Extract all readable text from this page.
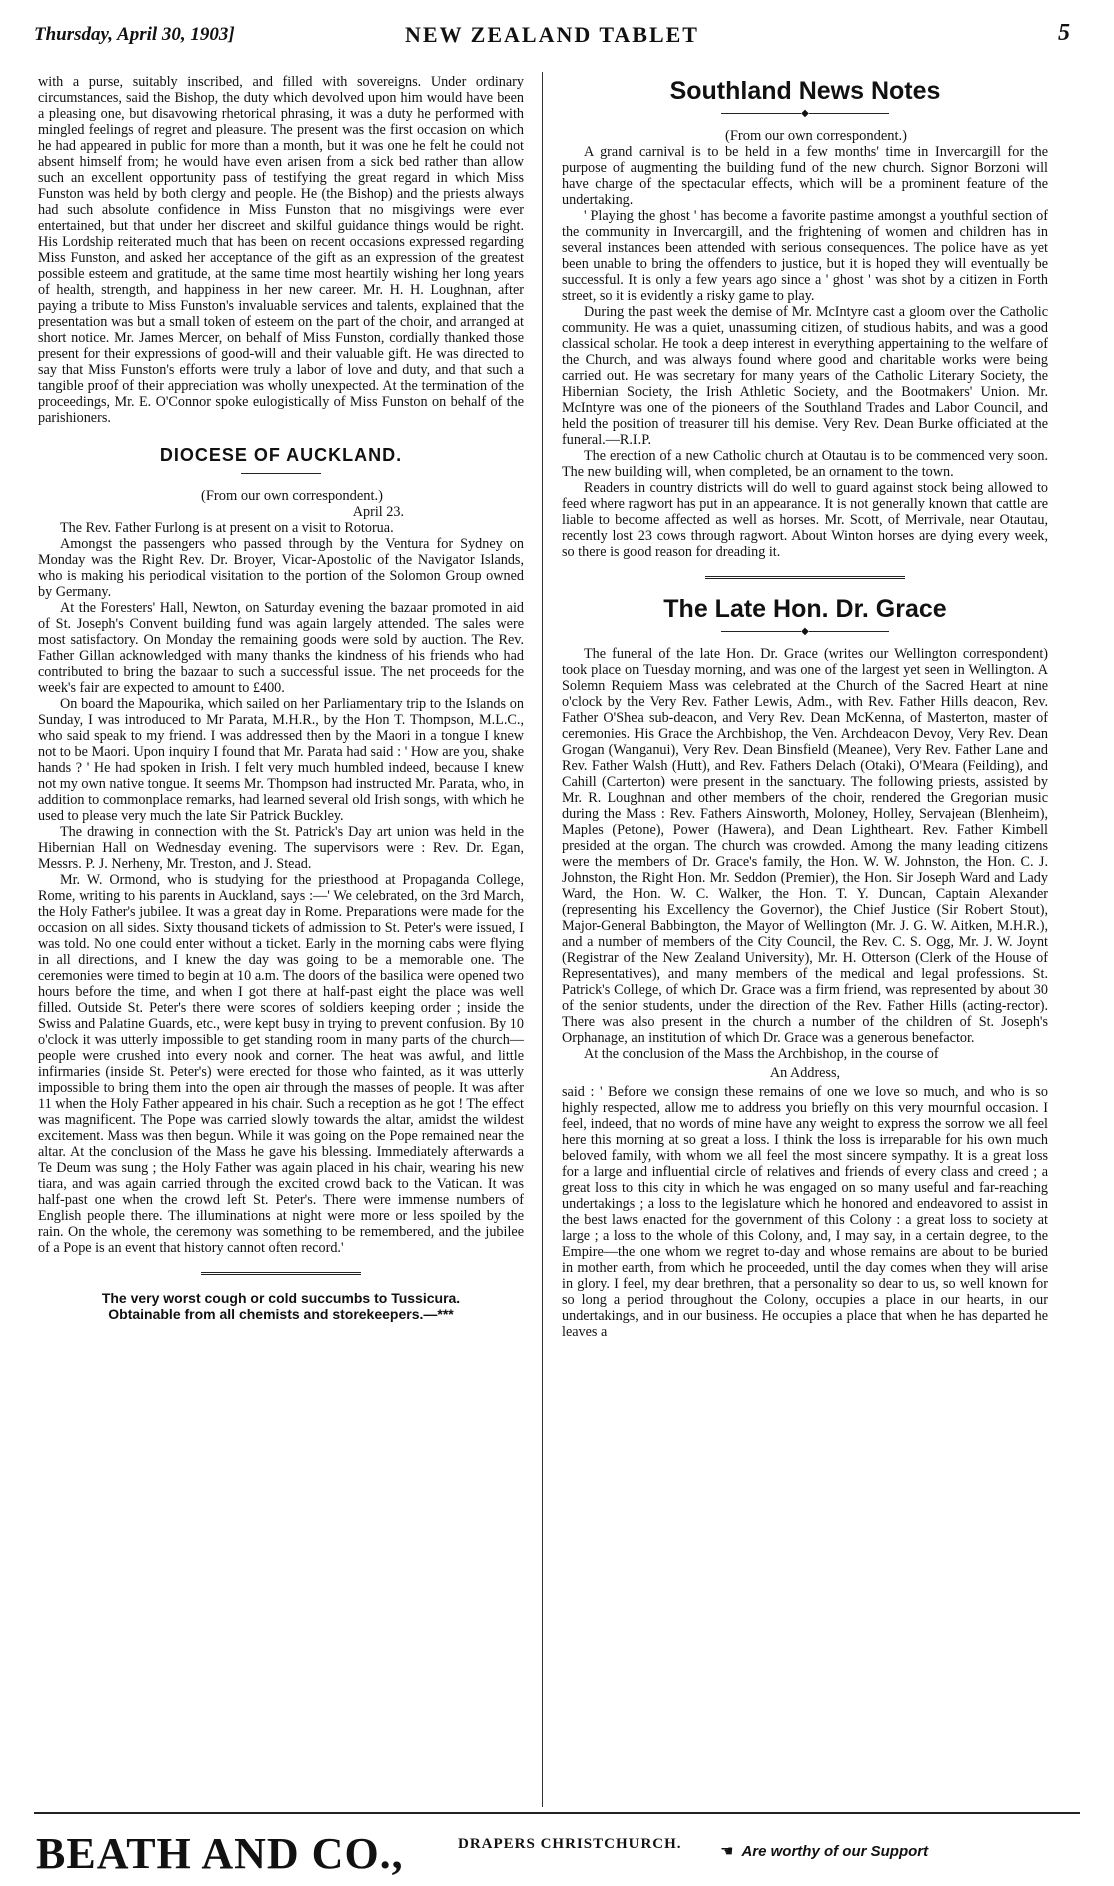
Thursday, April 30, 1903]	NEW ZEALAND TABLET	5

with a purse, suitably inscribed, and filled with sovereigns. Under ordinary circumstances, said the Bishop, the duty which devolved upon him would have been a pleasing one, but disavowing rhetorical phrasing, it was a duty he performed with mingled feelings of regret and pleasure. The present was the first occasion on which he had appeared in public for more than a month, but it was one he felt he could not absent himself from; he would have even arisen from a sick bed rather than allow such an excellent opportunity pass of testifying the great regard in which Miss Funston was held by both clergy and people. He (the Bishop) and the priests always had such absolute confidence in Miss Funston that no misgivings were ever entertained, but that under her discreet and skilful guidance things would be right. His Lordship reiterated much that has been on recent occasions expressed regarding Miss Funston, and asked her acceptance of the gift as an expression of the greatest possible esteem and gratitude, at the same time most heartily wishing her long years of health, strength, and happiness in her new career. Mr. H. H. Loughnan, after paying a tribute to Miss Funston's invaluable services and talents, explained that the presentation was but a small token of esteem on the part of the choir, and arranged at short notice. Mr. James Mercer, on behalf of Miss Funston, cordially thanked those present for their expressions of good-will and their valuable gift. He was directed to say that Miss Funston's efforts were truly a labor of love and duty, and that such a tangible proof of their appreciation was wholly unexpected. At the termination of the proceedings, Mr. E. O'Connor spoke eulogistically of Miss Funston on behalf of the parishioners.

DIOCESE OF AUCKLAND.

(From our own correspondent.)

April 23.

The Rev. Father Furlong is at present on a visit to Rotorua.

Amongst the passengers who passed through by the Ventura for Sydney on Monday was the Right Rev. Dr. Broyer, Vicar-Apostolic of the Navigator Islands, who is making his periodical visitation to the portion of the Solomon Group owned by Germany.

At the Foresters' Hall, Newton, on Saturday evening the bazaar promoted in aid of St. Joseph's Convent building fund was again largely attended. The sales were most satisfactory. On Monday the remaining goods were sold by auction. The Rev. Father Gillan acknowledged with many thanks the kindness of his friends who had contributed to bring the bazaar to such a successful issue. The net proceeds for the week's fair are expected to amount to £400.

On board the Mapourika, which sailed on her Parliamentary trip to the Islands on Sunday, I was introduced to Mr Parata, M.H.R., by the Hon T. Thompson, M.L.C., who said speak to my friend. I was addressed then by the Maori in a tongue I knew not to be Maori. Upon inquiry I found that Mr. Parata had said : ' How are you, shake hands ? ' He had spoken in Irish. I felt very much humbled indeed, because I knew not my own native tongue. It seems Mr. Thompson had instructed Mr. Parata, who, in addition to commonplace remarks, had learned several old Irish songs, with which he used to please very much the late Sir Patrick Buckley.

The drawing in connection with the St. Patrick's Day art union was held in the Hibernian Hall on Wednesday evening. The supervisors were : Rev. Dr. Egan, Messrs. P. J. Nerheny, Mr. Treston, and J. Stead.

Mr. W. Ormond, who is studying for the priesthood at Propaganda College, Rome, writing to his parents in Auckland, says :—' We celebrated, on the 3rd March, the Holy Father's jubilee. It was a great day in Rome. Preparations were made for the occasion on all sides. Sixty thousand tickets of admission to St. Peter's were issued, I was told. No one could enter without a ticket. Early in the morning cabs were flying in all directions, and I knew the day was going to be a memorable one. The ceremonies were timed to begin at 10 a.m. The doors of the basilica were opened two hours before the time, and when I got there at half-past eight the place was well filled. Outside St. Peter's there were scores of soldiers keeping order ; inside the Swiss and Palatine Guards, etc., were kept busy in trying to prevent confusion. By 10 o'clock it was utterly impossible to get standing room in many parts of the church—people were crushed into every nook and corner. The heat was awful, and little infirmaries (inside St. Peter's) were erected for those who fainted, as it was utterly impossible to bring them into the open air through the masses of people. It was after 11 when the Holy Father appeared in his chair. Such a reception as he got ! The effect was magnificent. The Pope was carried slowly towards the altar, amidst the wildest excitement. Mass was then begun. While it was going on the Pope remained near the altar. At the conclusion of the Mass he gave his blessing. Immediately afterwards a Te Deum was sung ; the Holy Father was again placed in his chair, wearing his new tiara, and was again carried through the excited crowd back to the Vatican. It was half-past one when the crowd left St. Peter's. There were immense numbers of English people there. The illuminations at night were more or less spoiled by the rain. On the whole, the ceremony was something to be remembered, and the jubilee of a Pope is an event that history cannot often record.'

The very worst cough or cold succumbs to Tussicura.

Obtainable from all chemists and storekeepers.—***

Southland News Notes
◆

(From our own correspondent.)

A grand carnival is to be held in a few months' time in Invercargill for the purpose of augmenting the building fund of the new church. Signor Borzoni will have charge of the spectacular effects, which will be a prominent feature of the undertaking.

' Playing the ghost ' has become a favorite pastime amongst a youthful section of the community in Invercargill, and the frightening of women and children has in several instances been attended with serious consequences. The police have as yet been unable to bring the offenders to justice, but it is hoped they will eventually be successful. It is only a few years ago since a ' ghost ' was shot by a citizen in Forth street, so it is evidently a risky game to play.

During the past week the demise of Mr. McIntyre cast a gloom over the Catholic community. He was a quiet, unassuming citizen, of studious habits, and was a good classical scholar. He took a deep interest in everything appertaining to the welfare of the Church, and was always found where good and charitable works were being carried out. He was secretary for many years of the Catholic Literary Society, the Hibernian Society, the Irish Athletic Society, and the Bootmakers' Union. Mr. McIntyre was one of the pioneers of the Southland Trades and Labor Council, and held the position of treasurer till his demise. Very Rev. Dean Burke officiated at the funeral.—R.I.P.

The erection of a new Catholic church at Otautau is to be commenced very soon. The new building will, when completed, be an ornament to the town.

Readers in country districts will do well to guard against stock being allowed to feed where ragwort has put in an appearance. It is not generally known that cattle are liable to become affected as well as horses. Mr. Scott, of Merrivale, near Otautau, recently lost 23 cows through ragwort. About Winton horses are dying every week, so there is good reason for dreading it.

The Late Hon. Dr. Grace
◆

The funeral of the late Hon. Dr. Grace (writes our Wellington correspondent) took place on Tuesday morning, and was one of the largest yet seen in Wellington. A Solemn Requiem Mass was celebrated at the Church of the Sacred Heart at nine o'clock by the Very Rev. Father Lewis, Adm., with Rev. Father Hills deacon, Rev. Father O'Shea sub-deacon, and Very Rev. Dean McKenna, of Masterton, master of ceremonies. His Grace the Archbishop, the Ven. Archdeacon Devoy, Very Rev. Dean Grogan (Wanganui), Very Rev. Dean Binsfield (Meanee), Very Rev. Father Lane and Rev. Father Walsh (Hutt), and Rev. Fathers Delach (Otaki), O'Meara (Feilding), and Cahill (Carterton) were present in the sanctuary. The following priests, assisted by Mr. R. Loughnan and other members of the choir, rendered the Gregorian music during the Mass : Rev. Fathers Ainsworth, Moloney, Holley, Servajean (Blenheim), Maples (Petone), Power (Hawera), and Dean Lightheart. Rev. Father Kimbell presided at the organ. The church was crowded. Among the many leading citizens were the members of Dr. Grace's family, the Hon. W. W. Johnston, the Hon. C. J. Johnston, the Right Hon. Mr. Seddon (Premier), the Hon. Sir Joseph Ward and Lady Ward, the Hon. W. C. Walker, the Hon. T. Y. Duncan, Captain Alexander (representing his Excellency the Governor), the Chief Justice (Sir Robert Stout), Major-General Babbington, the Mayor of Wellington (Mr. J. G. W. Aitken, M.H.R.), and a number of members of the City Council, the Rev. C. S. Ogg, Mr. J. W. Joynt (Registrar of the New Zealand University), Mr. H. Otterson (Clerk of the House of Representatives), and many members of the medical and legal professions. St. Patrick's College, of which Dr. Grace was a firm friend, was represented by about 30 of the senior students, under the direction of the Rev. Father Hills (acting-rector). There was also present in the church a number of the children of St. Joseph's Orphanage, an institution of which Dr. Grace was a generous benefactor.

At the conclusion of the Mass the Archbishop, in the course of

An Address,

said : ' Before we consign these remains of one we love so much, and who is so highly respected, allow me to address you briefly on this very mournful occasion. I feel, indeed, that no words of mine have any weight to express the sorrow we all feel here this morning at so great a loss. I think the loss is irreparable for his own much beloved family, with whom we all feel the most sincere sympathy. It is a great loss for a large and influential circle of relatives and friends of every class and creed ; a great loss to this city in which he was engaged on so many useful and far-reaching undertakings ; a loss to the legislature which he honored and endeavored to assist in the best laws enacted for the government of this Colony : a great loss to society at large ; a loss to the whole of this Colony, and, I may say, in a certain degree, to the Empire—the one whom we regret to-day and whose remains are about to be buried in mother earth, from which he proceeded, until the day comes when they will arise in glory. I feel, my dear brethren, that a personality so dear to us, so well known for so long a period throughout the Colony, occupies a place in our hearts, in our undertakings, and in our business. He occupies a place that when he has departed he leaves a

BEATH AND CO.,	DRAPERS CHRISTCHURCH.	☚ Are worthy of our Support
